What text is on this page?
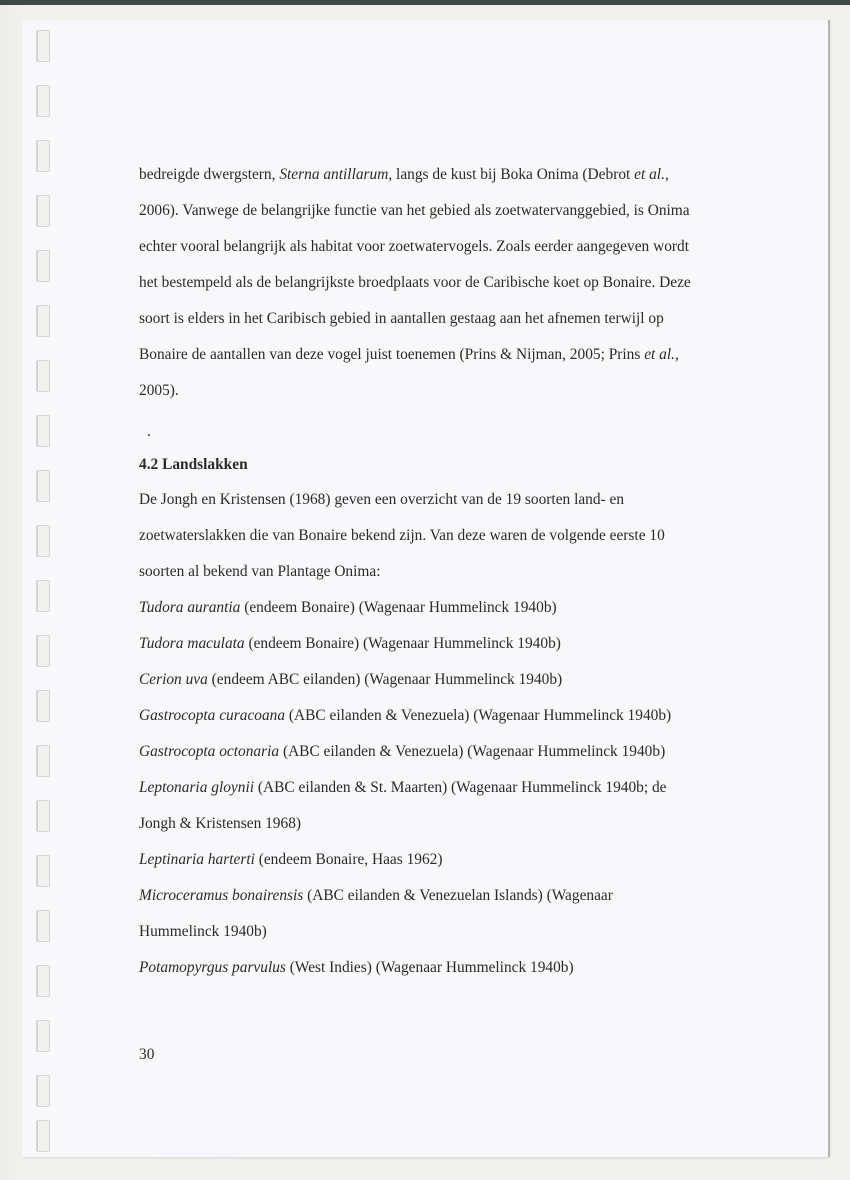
bedreigde dwergstern, Sterna antillarum, langs de kust bij Boka Onima (Debrot et al.,
2006). Vanwege de belangrijke functie van het gebied als zoetwatervanggebied, is Onima
echter vooral belangrijk als habitat voor zoetwatervogels. Zoals eerder aangegeven wordt
het bestempeld als de belangrijkste broedplaats voor de Caribische koet op Bonaire. Deze
soort is elders in het Caribisch gebied in aantallen gestaag aan het afnemen terwijl op
Bonaire de aantallen van deze vogel juist toenemen (Prins & Nijman, 2005; Prins et al.,
2005).
.
4.2 Landslakken
De Jongh en Kristensen (1968) geven een overzicht van de 19 soorten land- en
zoetwaterslakken die van Bonaire bekend zijn. Van deze waren de volgende eerste 10
soorten al bekend van Plantage Onima:
Tudora aurantia (endeem Bonaire) (Wagenaar Hummelinck 1940b)
Tudora maculata (endeem Bonaire) (Wagenaar Hummelinck 1940b)
Cerion uva (endeem ABC eilanden) (Wagenaar Hummelinck 1940b)
Gastrocopta curacoana (ABC eilanden & Venezuela) (Wagenaar Hummelinck 1940b)
Gastrocopta octonaria (ABC eilanden & Venezuela) (Wagenaar Hummelinck 1940b)
Leptonaria gloynii (ABC eilanden & St. Maarten) (Wagenaar Hummelinck 1940b; de
Jongh & Kristensen 1968)
Leptinaria harterti (endeem Bonaire, Haas 1962)
Microceramus bonairensis (ABC eilanden & Venezuelan Islands) (Wagenaar
Hummelinck 1940b)
Potamopyrgus parvulus (West Indies) (Wagenaar Hummelinck 1940b)
30
